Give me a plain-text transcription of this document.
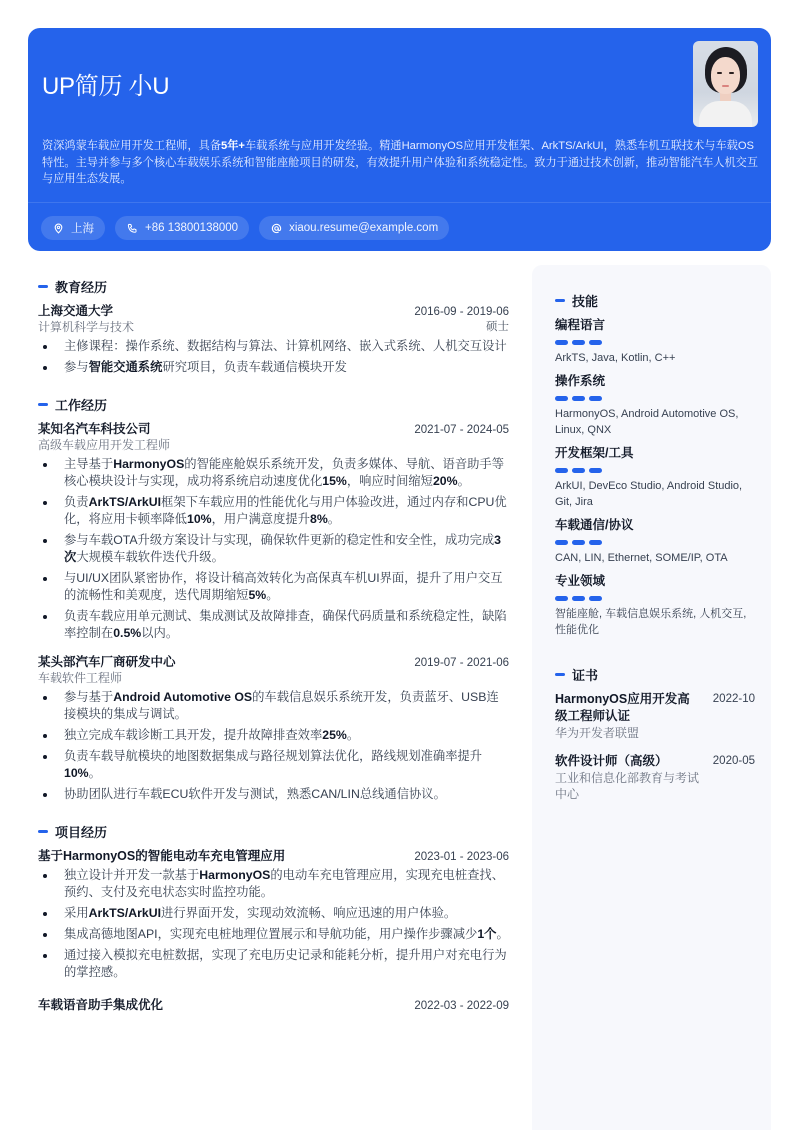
UP简历 小U
资深鸿蒙车载应用开发工程师，具备5年+车载系统与应用开发经验。精通HarmonyOS应用开发框架、ArkTS/ArkUI，熟悉车机互联技术与车载OS特性。主导并参与多个核心车载娱乐系统和智能座舱项目的研发，有效提升用户体验和系统稳定性。致力于通过技术创新，推动智能汽车人机交互与应用生态发展。
上海	+86 13800138000	xiaou.resume@example.com
教育经历
上海交通大学	2016-09 - 2019-06
计算机科学与技术	硕士
主修课程：操作系统、数据结构与算法、计算机网络、嵌入式系统、人机交互设计
参与智能交通系统研究项目，负责车载通信模块开发
工作经历
某知名汽车科技公司	2021-07 - 2024-05
高级车载应用开发工程师
主导基于HarmonyOS的智能座舱娱乐系统开发，负责多媒体、导航、语音助手等核心模块设计与实现，成功将系统启动速度优化15%，响应时间缩短20%。
负责ArkTS/ArkUI框架下车载应用的性能优化与用户体验改进，通过内存和CPU优化，将应用卡顿率降低10%，用户满意度提升8%。
参与车载OTA升级方案设计与实现，确保软件更新的稳定性和安全性，成功完成3次大规模车载软件迭代升级。
与UI/UX团队紧密协作，将设计稿高效转化为高保真车机UI界面，提升了用户交互的流畅性和美观度，迭代周期缩短5%。
负责车载应用单元测试、集成测试及故障排查，确保代码质量和系统稳定性，缺陷率控制在0.5%以内。
某头部汽车厂商研发中心	2019-07 - 2021-06
车载软件工程师
参与基于Android Automotive OS的车载信息娱乐系统开发，负责蓝牙、USB连接模块的集成与调试。
独立完成车载诊断工具开发，提升故障排查效率25%。
负责车载导航模块的地图数据集成与路径规划算法优化，路线规划准确率提升10%。
协助团队进行车载ECU软件开发与测试，熟悉CAN/LIN总线通信协议。
项目经历
基于HarmonyOS的智能电动车充电管理应用	2023-01 - 2023-06
独立设计并开发一款基于HarmonyOS的电动车充电管理应用，实现充电桩查找、预约、支付及充电状态实时监控功能。
采用ArkTS/ArkUI进行界面开发，实现动效流畅、响应迅速的用户体验。
集成高德地图API，实现充电桩地理位置展示和导航功能，用户操作步骤减少1个。
通过接入模拟充电桩数据，实现了充电历史记录和能耗分析，提升用户对充电行为的掌控感。
车载语音助手集成优化	2022-03 - 2022-09
技能
编程语言
ArkTS, Java, Kotlin, C++
操作系统
HarmonyOS, Android Automotive OS, Linux, QNX
开发框架/工具
ArkUI, DevEco Studio, Android Studio, Git, Jira
车载通信/协议
CAN, LIN, Ethernet, SOME/IP, OTA
专业领域
智能座舱, 车载信息娱乐系统, 人机交互, 性能优化
证书
HarmonyOS应用开发高级工程师认证
华为开发者联盟
2022-10
软件设计师（高级）
工业和信息化部教育与考试中心
2020-05
